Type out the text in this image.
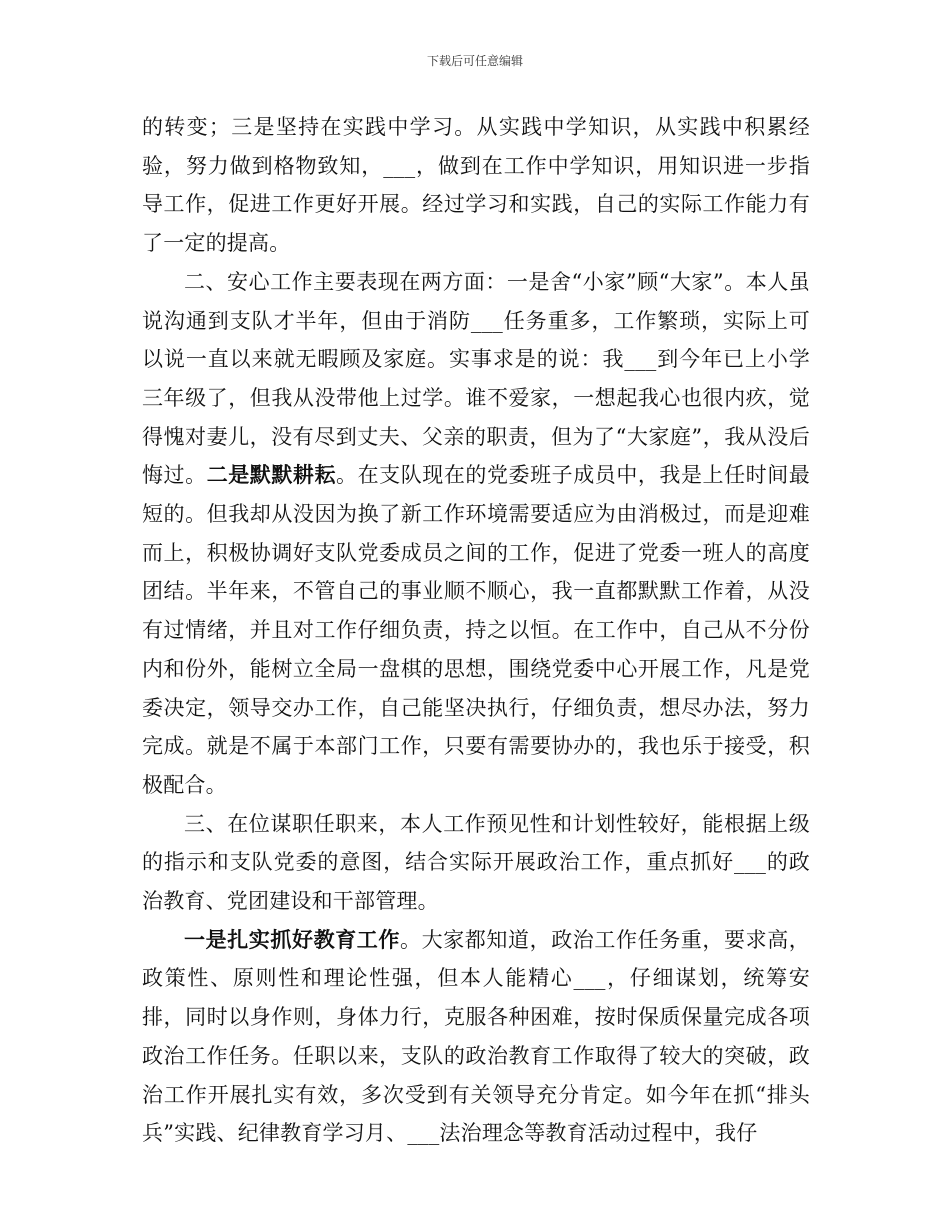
下载后可任意编辑

的转变；三是坚持在实践中学习。从实践中学知识，从实践中积累经验，努力做到格物致知，___，做到在工作中学知识，用知识进一步指导工作，促进工作更好开展。经过学习和实践，自己的实际工作能力有了一定的提高。

二、安心工作主要表现在两方面：一是舍“小家”顾“大家”。本人虽说沟通到支队才半年，但由于消防___任务重多，工作繁琐，实际上可以说一直以来就无暇顾及家庭。实事求是的说：我___到今年已上小学三年级了，但我从没带他上过学。谁不爱家，一想起我心也很内疚，觉得愧对妻儿，没有尽到丈夫、父亲的职责，但为了“大家庭”，我从没后悔过。二是默默耕耘。在支队现在的党委班子成员中，我是上任时间最短的。但我却从没因为换了新工作环境需要适应为由消极过，而是迎难而上，积极协调好支队党委成员之间的工作，促进了党委一班人的高度团结。半年来，不管自己的事业顺不顺心，我一直都默默工作着，从没有过情绪，并且对工作仔细负责，持之以恒。在工作中，自己从不分份内和份外，能树立全局一盘棋的思想，围绕党委中心开展工作，凡是党委决定，领导交办工作，自己能坚决执行，仔细负责，想尽办法，努力完成。就是不属于本部门工作，只要有需要协办的，我也乐于接受，积极配合。

三、在位谋职任职来，本人工作预见性和计划性较好，能根据上级的指示和支队党委的意图，结合实际开展政治工作，重点抓好___的政治教育、党团建设和干部管理。

一是扎实抓好教育工作。大家都知道，政治工作任务重，要求高，政策性、原则性和理论性强，但本人能精心___，仔细谋划，统筹安排，同时以身作则，身体力行，克服各种困难，按时保质保量完成各项政治工作任务。任职以来，支队的政治教育工作取得了较大的突破，政治工作开展扎实有效，多次受到有关领导充分肯定。如今年在抓“排头兵”实践、纪律教育学习月、___法治理念等教育活动过程中，我仔
